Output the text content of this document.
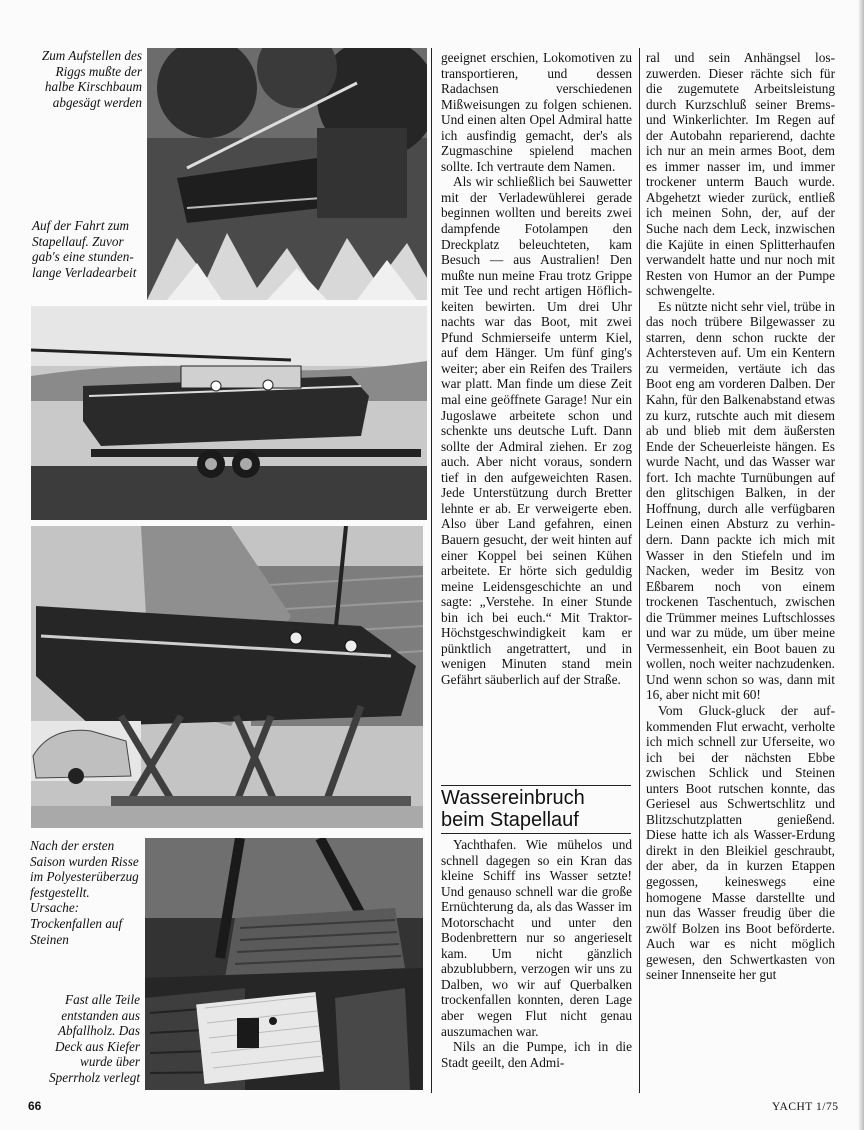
Zum Aufstellen des Riggs mußte der halbe Kirschbaum abgesägt werden
Auf der Fahrt zum Stapellauf. Zuvor gab's eine stundenlange Verladearbeit
Nach der ersten Saison wurden Risse im Polyesterüberzug festgestellt. Ursache: Trockenfallen auf Steinen
Fast alle Teile entstanden aus Abfallholz. Das Deck aus Kiefer wurde über Sperrholz verlegt

geeignet erschien, Lokomotiven zu transportieren, und dessen Radachsen verschiedenen Mißweisungen zu folgen schienen. Und einen alten Opel Admiral hatte ich ausfindig gemacht, der's als Zugmaschine spielend machen sollte. Ich vertraute dem Namen.

Als wir schließlich bei Sauwetter mit der Verladewühlerei gerade beginnen wollten und bereits zwei dampfende Fotolampen den Dreckplatz beleuchteten, kam Besuch — aus Australien! Den mußte nun meine Frau trotz Grippe mit Tee und recht artigen Höflichkeiten bewirten. Um drei Uhr nachts war das Boot, mit zwei Pfund Schmierseife unterm Kiel, auf dem Hänger. Um fünf ging's weiter; aber ein Reifen des Trailers war platt. Man finde um diese Zeit mal eine geöffnete Garage! Nur ein Jugoslawe arbeitete schon und schenkte uns deutsche Luft. Dann sollte der Admiral ziehen. Er zog auch. Aber nicht voraus, sondern tief in den aufgeweichten Rasen. Jede Unterstützung durch Bretter lehnte er ab. Er verweigerte eben. Also über Land gefahren, einen Bauern gesucht, der weit hinten auf einer Koppel bei seinen Kühen arbeitete. Er hörte sich geduldig meine Leidensgeschichte an und sagte: „Verstehe. In einer Stunde bin ich bei euch.“ Mit Traktor-Höchstgeschwindigkeit kam er pünktlich angetrattert, und in wenigen Minuten stand mein Gefährt säuberlich auf der Straße.

Wassereinbruch beim Stapellauf

Yachthafen. Wie mühelos und schnell dagegen so ein Kran das kleine Schiff ins Wasser setzte! Und genauso schnell war die große Ernüchterung da, als das Wasser im Motorschacht und unter den Bodenbrettern nur so angerieselt kam. Um nicht gänzlich abzublubbern, verzogen wir uns zu Dalben, wo wir auf Querbalken trockenfallen konnten, deren Lage aber wegen Flut nicht genau auszumachen war.

Nils an die Pumpe, ich in die Stadt geeilt, den Admi-

ral und sein Anhängsel loszuwerden. Dieser rächte sich für die zugemutete Arbeitsleistung durch Kurzschluß seiner Brems- und Winkerlichter. Im Regen auf der Autobahn reparierend, dachte ich nur an mein armes Boot, dem es immer nasser im, und immer trockener unterm Bauch wurde. Abgehetzt wieder zurück, entließ ich meinen Sohn, der, auf der Suche nach dem Leck, inzwischen die Kajüte in einen Splitterhaufen verwandelt hatte und nur noch mit Resten von Humor an der Pumpe schwengelte.

Es nützte nicht sehr viel, trübe in das noch trübere Bilgewasser zu starren, denn schon ruckte der Achtersteven auf. Um ein Kentern zu vermeiden, vertäute ich das Boot eng am vorderen Dalben. Der Kahn, für den Balkenabstand etwas zu kurz, rutschte auch mit diesem ab und blieb mit dem äußersten Ende der Scheuerleiste hängen. Es wurde Nacht, und das Wasser war fort. Ich machte Turnübungen auf den glitschigen Balken, in der Hoffnung, durch alle verfügbaren Leinen einen Absturz zu verhindern. Dann packte ich mich mit Wasser in den Stiefeln und im Nacken, weder im Besitz von Eßbarem noch von einem trockenen Taschentuch, zwischen die Trümmer meines Luftschlosses und war zu müde, um über meine Vermessenheit, ein Boot bauen zu wollen, noch weiter nachzudenken. Und wenn schon so was, dann mit 16, aber nicht mit 60!

Vom Gluck-gluck der aufkommenden Flut erwacht, verholte ich mich schnell zur Uferseite, wo ich bei der nächsten Ebbe zwischen Schlick und Steinen unters Boot rutschen konnte, das Geriesel aus Schwertschlitz und Blitzschutzplatten genießend. Diese hatte ich als Wasser-Erdung direkt in den Bleikiel geschraubt, der aber, da in kurzen Etappen gegossen, keineswegs eine homogene Masse darstellte und nun das Wasser freudig über die zwölf Bolzen ins Boot beförderte. Auch war es nicht möglich gewesen, den Schwertkasten von seiner Innenseite her gut

66	YACHT 1/75
